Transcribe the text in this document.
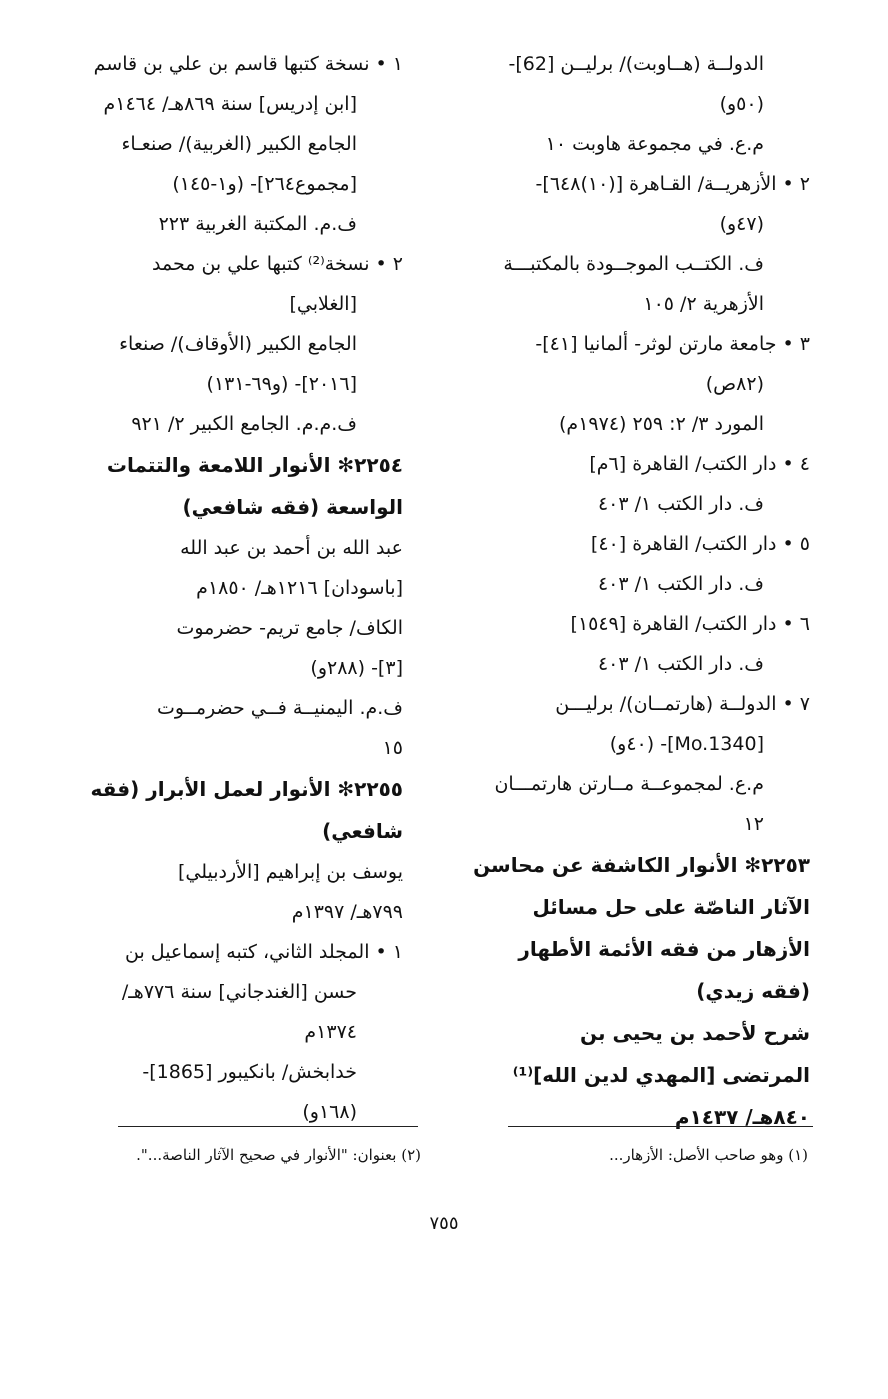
الدولــة (هــاوبت)/ برليــن [62]-
(٥٠و)
م.ع. في مجموعة هاوبت ١٠
٢ • الأزهريــة/ القـاهرة [(١٠)٦٤٨]-
(٤٧و)
ف. الكتــب الموجــودة بالمكتبـــة
الأزهرية ٢/ ١٠٥
٣ • جامعة مارتن لوثر- ألمانيا [٤١]-
(٨٢ص)
المورد ٣/ ٢: ٢٥٩ (١٩٧٤م)
٤ • دار الكتب/ القاهرة [٦م]
ف. دار الكتب ١/ ٤٠٣
٥ • دار الكتب/ القاهرة [٤٠]
ف. دار الكتب ١/ ٤٠٣
٦ • دار الكتب/ القاهرة [١٥٤٩]
ف. دار الكتب ١/ ٤٠٣
٧ • الدولــة (هارتمــان)/ برليـــن
[Mo.1340]- (٤٠و)
م.ع. لمجموعــة مــارتن هارتمـــان
١٢
٢٢٥٣✻ الأنوار الكاشفة عن محاسن
الآثار الناصّة على حل مسائل
الأزهار من فقه الأئمة الأطهار
(فقه زيدي)
شرح لأحمد بن يحيى بن
المرتضى [المهدي لدين الله]⁽¹⁾
٨٤٠هـ/ ١٤٣٧م
١ • نسخة كتبها قاسم بن علي بن قاسم
[ابن إدريس] سنة ٨٦٩هـ/ ١٤٦٤م
الجامع الكبير (الغربية)/ صنعـاء
[مجموع٢٦٤]- (و١-١٤٥)
ف.م. المكتبة الغربية ٢٢٣
٢ • نسخة⁽²⁾ كتبها علي بن محمد
[الغلابي]
الجامع الكبير (الأوقاف)/ صنعاء
[٢٠١٦]- (و٦٩-١٣١)
ف.م.م. الجامع الكبير ٢/ ٩٢١
٢٢٥٤✻ الأنوار اللامعة والتتمات
الواسعة (فقه شافعي)
عبد الله بن أحمد بن عبد الله
[باسودان] ١٢١٦هـ/ ١٨٥٠م
الكاف/ جامع تريم- حضرموت
[٣]- (٢٨٨و)
ف.م. اليمنيــة فــي حضرمــوت
١٥
٢٢٥٥✻ الأنوار لعمل الأبرار (فقه
شافعي)
يوسف بن إبراهيم [الأردبيلي]
٧٩٩هـ/ ١٣٩٧م
١ • المجلد الثاني، كتبه إسماعيل بن
حسن [الغندجاني] سنة ٧٧٦هـ/
١٣٧٤م
خدابخش/ بانكيبور [1865]-
(١٦٨و)
(١) وهو صاحب الأصل: الأزهار...
(٢) بعنوان: "الأنوار في صحيح الآثار الناصة...".
٧٥٥
